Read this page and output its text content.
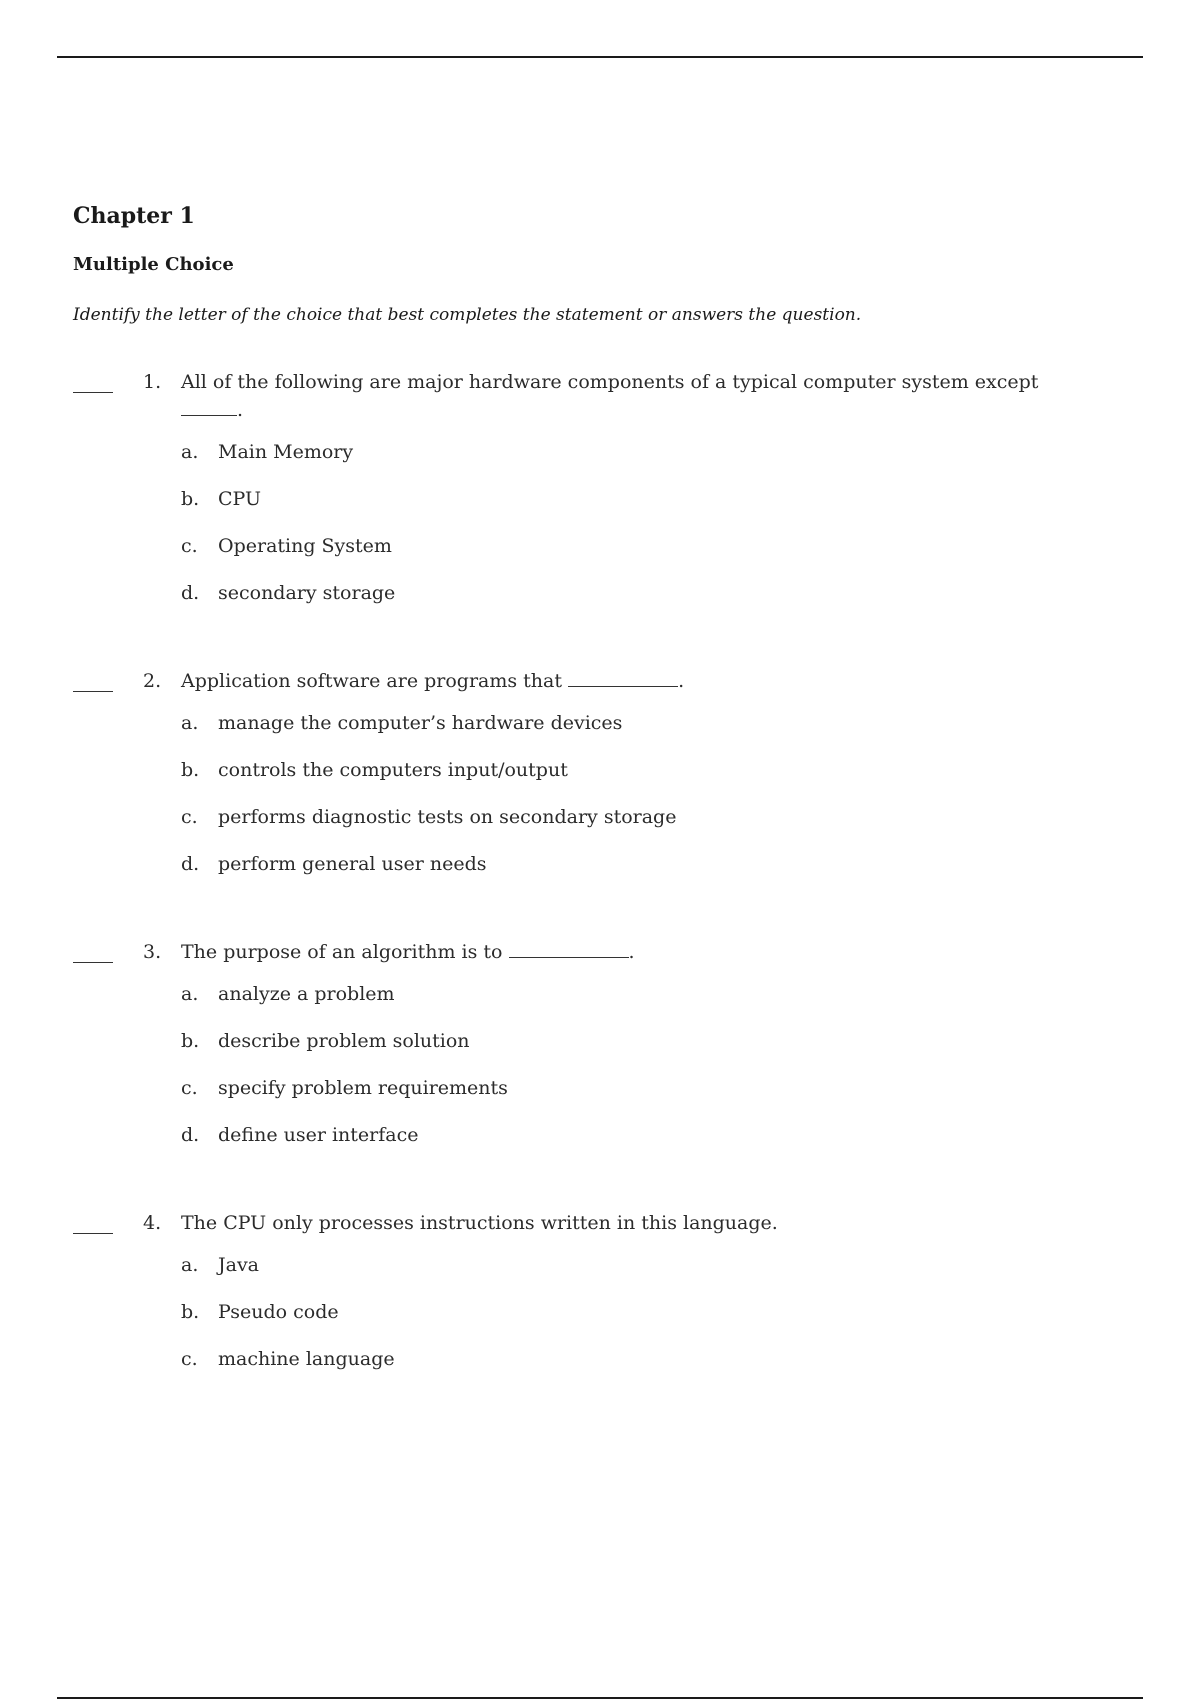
Chapter 1
Multiple Choice

Identify the letter of the choice that best completes the statement or answers the question.

1. All of the following are major hardware components of a typical computer system except .
a.	Main Memory
b. CPU
c.	Operating System
d. secondary storage
2. Application software are programs that	.
a.	manage the computer’s hardware devices
b. controls the computers input/output
c.	performs diagnostic tests on secondary storage
d. perform general user needs
3. The purpose of an algorithm is to	.
a.	analyze a problem
b. describe problem solution
c.	specify problem requirements
d. define user interface
4. The CPU only processes instructions written in this language.
a.	Java
b. Pseudo code
c.	machine language
